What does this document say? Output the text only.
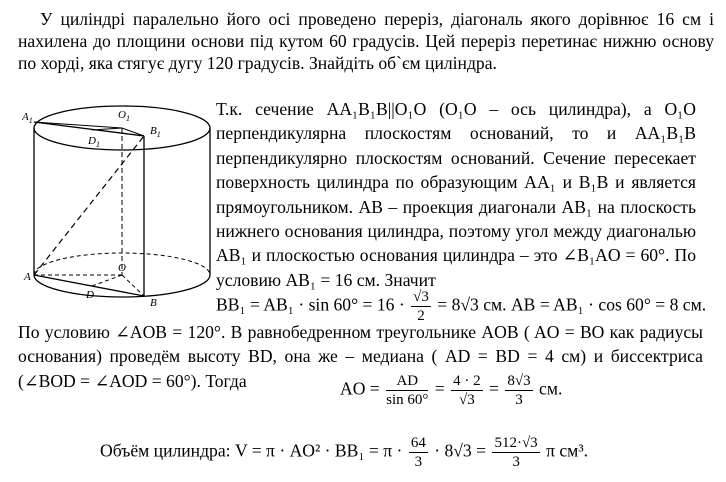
У циліндрі паралельно його осі проведено переріз, діагональ якого дорівнює 16 см і нахилена до площини основи під кутом 60 градусів. Цей переріз перетинає нижню основу по хорді, яка стягує дугу 120 градусів. Знайдіть об`єм циліндра.
$A_1$	$O_1$
$B_1$
$D_1$
A
O
D
B

Т.к. сечение AA₁B₁B||O₁O (O₁O – ось цилиндра), а O₁O перпендикулярна плоскостям оснований, то и AA₁B₁B перпендикулярно плоскостям оснований. Сечение пересекает поверхность цилиндра по образующим AA₁ и B₁B и является прямоугольником. AB – проекция диагонали AB₁ на плоскость нижнего основания цилиндра, поэтому угол между диагональю AB₁ и плоскостью основания цилиндра – это ∠B₁AO = 60°. По условию AB₁ = 16 см. Значит

$BB_1 = AB_1 \cdot \sin 60^\circ = 16 \cdot \frac{√3}{2} = 8√3$ см. AB = AB₁ · cos 60° = 8 см.
По условию ∠AOB = 120°. В равнобедренном треугольнике AOB ( AO = BO как радиусы основания) проведём высоту BD, она же – медиана ( AD = BD = 4 см) и биссектриса (∠BOD = ∠AOD = 60°). Тогда	AO = $\frac{AD}{\sin 60^\circ} = \frac{4 \cdot 2}{√3} = \frac{8√3}{3}$ см.
Объём цилиндра: $V = \pi \cdot AO^2 \cdot BB_1 = \pi \cdot \frac{64}{3} \cdot 8√3 = \frac{512\cdot√3}{3}$ π см³.
